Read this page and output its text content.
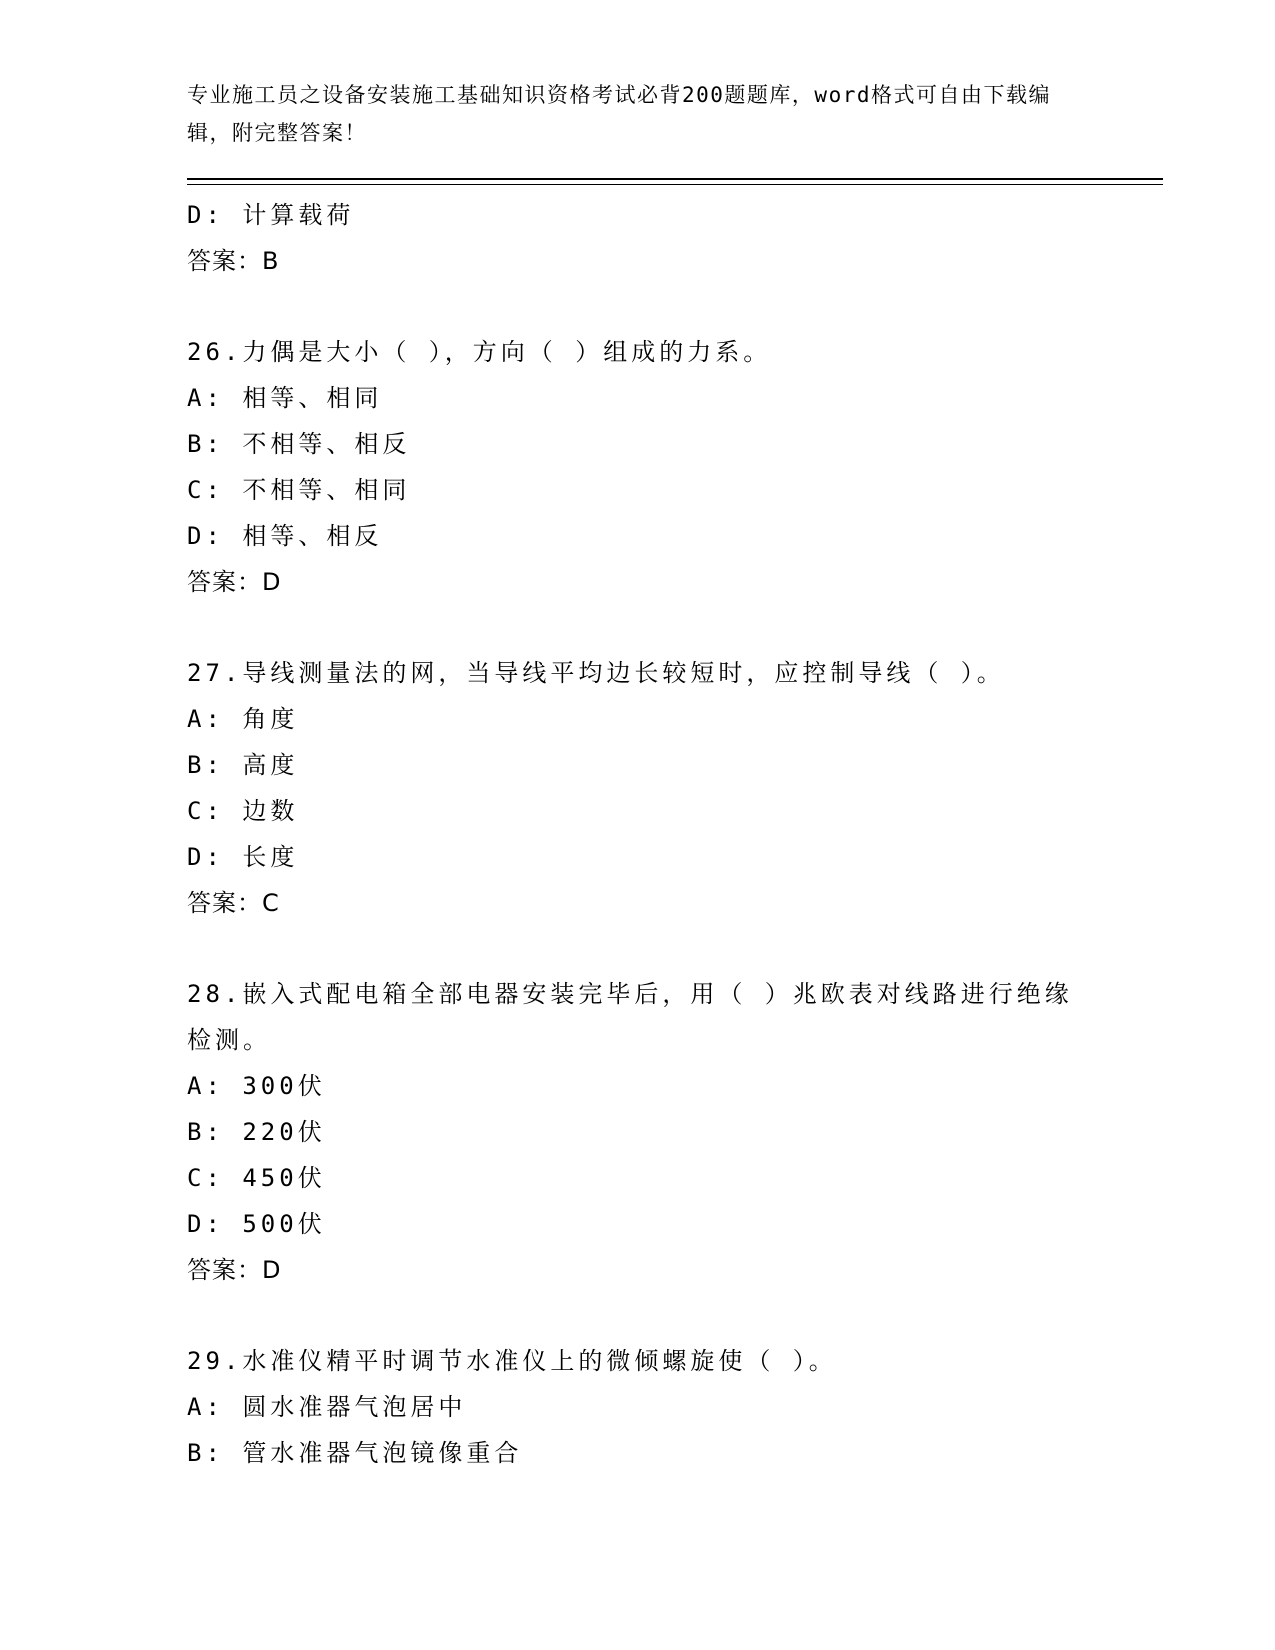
专业施工员之设备安装施工基础知识资格考试必背200题题库，word格式可自由下载编辑，附完整答案！
D: 计算载荷
答案：B
26.力偶是大小（ ），方向（ ）组成的力系。
A: 相等、相同
B: 不相等、相反
C: 不相等、相同
D: 相等、相反
答案：D
27.导线测量法的网，当导线平均边长较短时，应控制导线（ ）。
A: 角度
B: 高度
C: 边数
D: 长度
答案：C
28.嵌入式配电箱全部电器安装完毕后，用（ ）兆欧表对线路进行绝缘检测。
A: 300伏
B: 220伏
C: 450伏
D: 500伏
答案：D
29.水准仪精平时调节水准仪上的微倾螺旋使（ ）。
A: 圆水准器气泡居中
B: 管水准器气泡镜像重合
